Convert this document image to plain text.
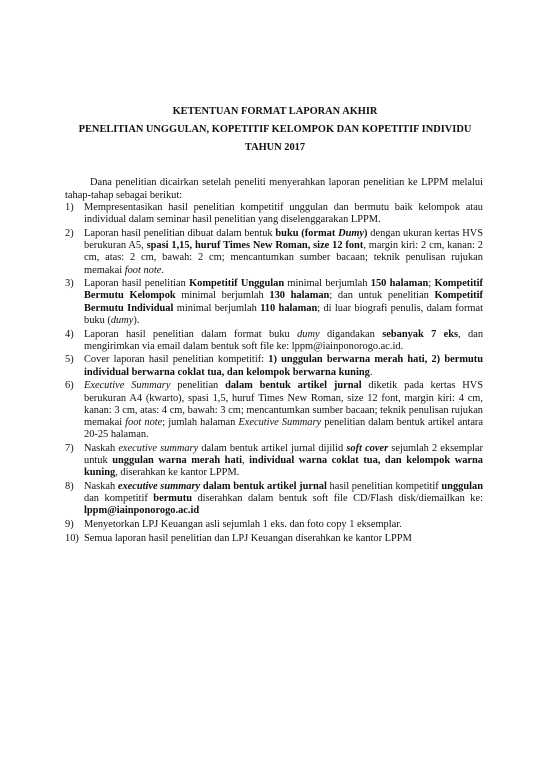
KETENTUAN FORMAT LAPORAN AKHIR
PENELITIAN UNGGULAN, KOPETITIF KELOMPOK DAN KOPETITIF INDIVIDU
TAHUN 2017

Dana penelitian dicairkan setelah peneliti menyerahkan laporan penelitian ke LPPM melalui tahap-tahap sebagai berikut:

1) Mempresentasikan hasil penelitian kompetitif unggulan dan bermutu baik kelompok atau individual dalam seminar hasil penelitian yang diselenggarakan LPPM.
2) Laporan hasil penelitian dibuat dalam bentuk buku (format Dumy) dengan ukuran kertas HVS berukuran A5, spasi 1,15, huruf Times New Roman, size 12 font, margin kiri: 2 cm, kanan: 2 cm, atas: 2 cm, bawah: 2 cm; mencantumkan sumber bacaan; teknik penulisan rujukan memakai foot note.
3) Laporan hasil penelitian Kompetitif Unggulan minimal berjumlah 150 halaman; Kompetitif Bermutu Kelompok minimal berjumlah 130 halaman; dan untuk penelitian Kompetitif Bermutu Individual minimal berjumlah 110 halaman; di luar biografi penulis, dalam format buku (dumy).
4) Laporan hasil penelitian dalam format buku dumy digandakan sebanyak 7 eks, dan mengirimkan via email dalam bentuk soft file ke: lppm@iainponorogo.ac.id.
5) Cover laporan hasil penelitian kompetitif: 1) unggulan berwarna merah hati, 2) bermutu individual berwarna coklat tua, dan kelompok berwarna kuning.
6) Executive Summary penelitian dalam bentuk artikel jurnal diketik pada kertas HVS berukuran A4 (kwarto), spasi 1,5, huruf Times New Roman, size 12 font, margin kiri: 4 cm, kanan: 3 cm, atas: 4 cm, bawah: 3 cm; mencantumkan sumber bacaan; teknik penulisan rujukan memakai foot note; jumlah halaman Executive Summary penelitian dalam bentuk artikel antara 20-25 halaman.
7) Naskah executive summary dalam bentuk artikel jurnal dijilid soft cover sejumlah 2 eksemplar untuk unggulan warna merah hati, individual warna coklat tua, dan kelompok warna kuning, diserahkan ke kantor LPPM.
8) Naskah executive summary dalam bentuk artikel jurnal hasil penelitian kompetitif unggulan dan kompetitif bermutu diserahkan dalam bentuk soft file CD/Flash disk/diemailkan ke: lppm@iainponorogo.ac.id
9) Menyetorkan LPJ Keuangan asli sejumlah 1 eks. dan foto copy 1 eksemplar.
10) Semua laporan hasil penelitian dan LPJ Keuangan diserahkan ke kantor LPPM
